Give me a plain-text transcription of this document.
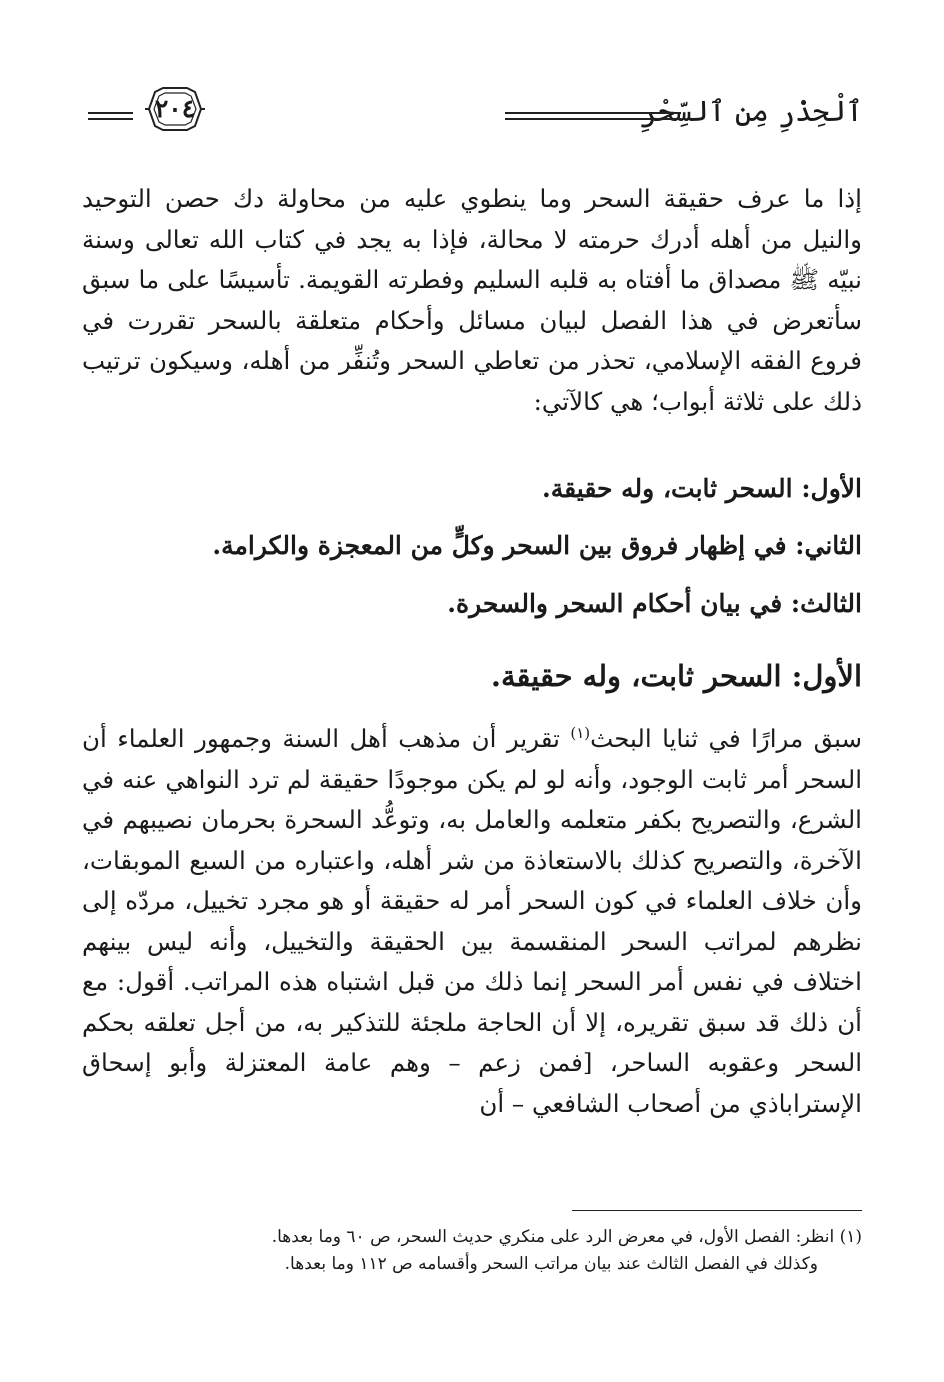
ٱلْحِذْرِ مِن ٱلسِّحْرِ
٢٠٤
إذا ما عرف حقيقة السحر وما ينطوي عليه من محاولة دك حصن التوحيد والنيل من أهله أدرك حرمته لا محالة، فإذا به يجد في كتاب الله تعالى وسنة نبيّه ﷺ مصداق ما أفتاه به قلبه السليم وفطرته القويمة. تأسيسًا على ما سبق سأتعرض في هذا الفصل لبيان مسائل وأحكام متعلقة بالسحر تقررت في فروع الفقه الإسلامي، تحذر من تعاطي السحر وتُنفِّر من أهله، وسيكون ترتيب ذلك على ثلاثة أبواب؛ هي كالآتي:
الأول: السحر ثابت، وله حقيقة.
الثاني: في إظهار فروق بين السحر وكلٍّ من المعجزة والكرامة.
الثالث: في بيان أحكام السحر والسحرة.
الأول: السحر ثابت، وله حقيقة.
سبق مرارًا في ثنايا البحث$^{(١)}$ تقرير أن مذهب أهل السنة وجمهور العلماء أن السحر أمر ثابت الوجود، وأنه لو لم يكن موجودًا حقيقة لم ترد النواهي عنه في الشرع، والتصريح بكفر متعلمه والعامل به، وتوعُّد السحرة بحرمان نصيبهم في الآخرة، والتصريح كذلك بالاستعاذة من شر أهله، واعتباره من السبع الموبقات، وأن خلاف العلماء في كون السحر أمر له حقيقة أو هو مجرد تخييل، مردّه إلى نظرهم لمراتب السحر المنقسمة بين الحقيقة والتخييل، وأنه ليس بينهم اختلاف في نفس أمر السحر إنما ذلك من قبل اشتباه هذه المراتب. أقول: مع أن ذلك قد سبق تقريره، إلا أن الحاجة ملجئة للتذكير به، من أجل تعلقه بحكم السحر وعقوبه الساحر، [فمن زعم – وهم عامة المعتزلة وأبو إسحاق الإستراباذي من أصحاب الشافعي – أن
(١) انظر: الفصل الأول، في معرض الرد على منكري حديث السحر، ص ٦٠ وما بعدها.
وكذلك في الفصل الثالث عند بيان مراتب السحر وأقسامه ص ١١٢ وما بعدها.
